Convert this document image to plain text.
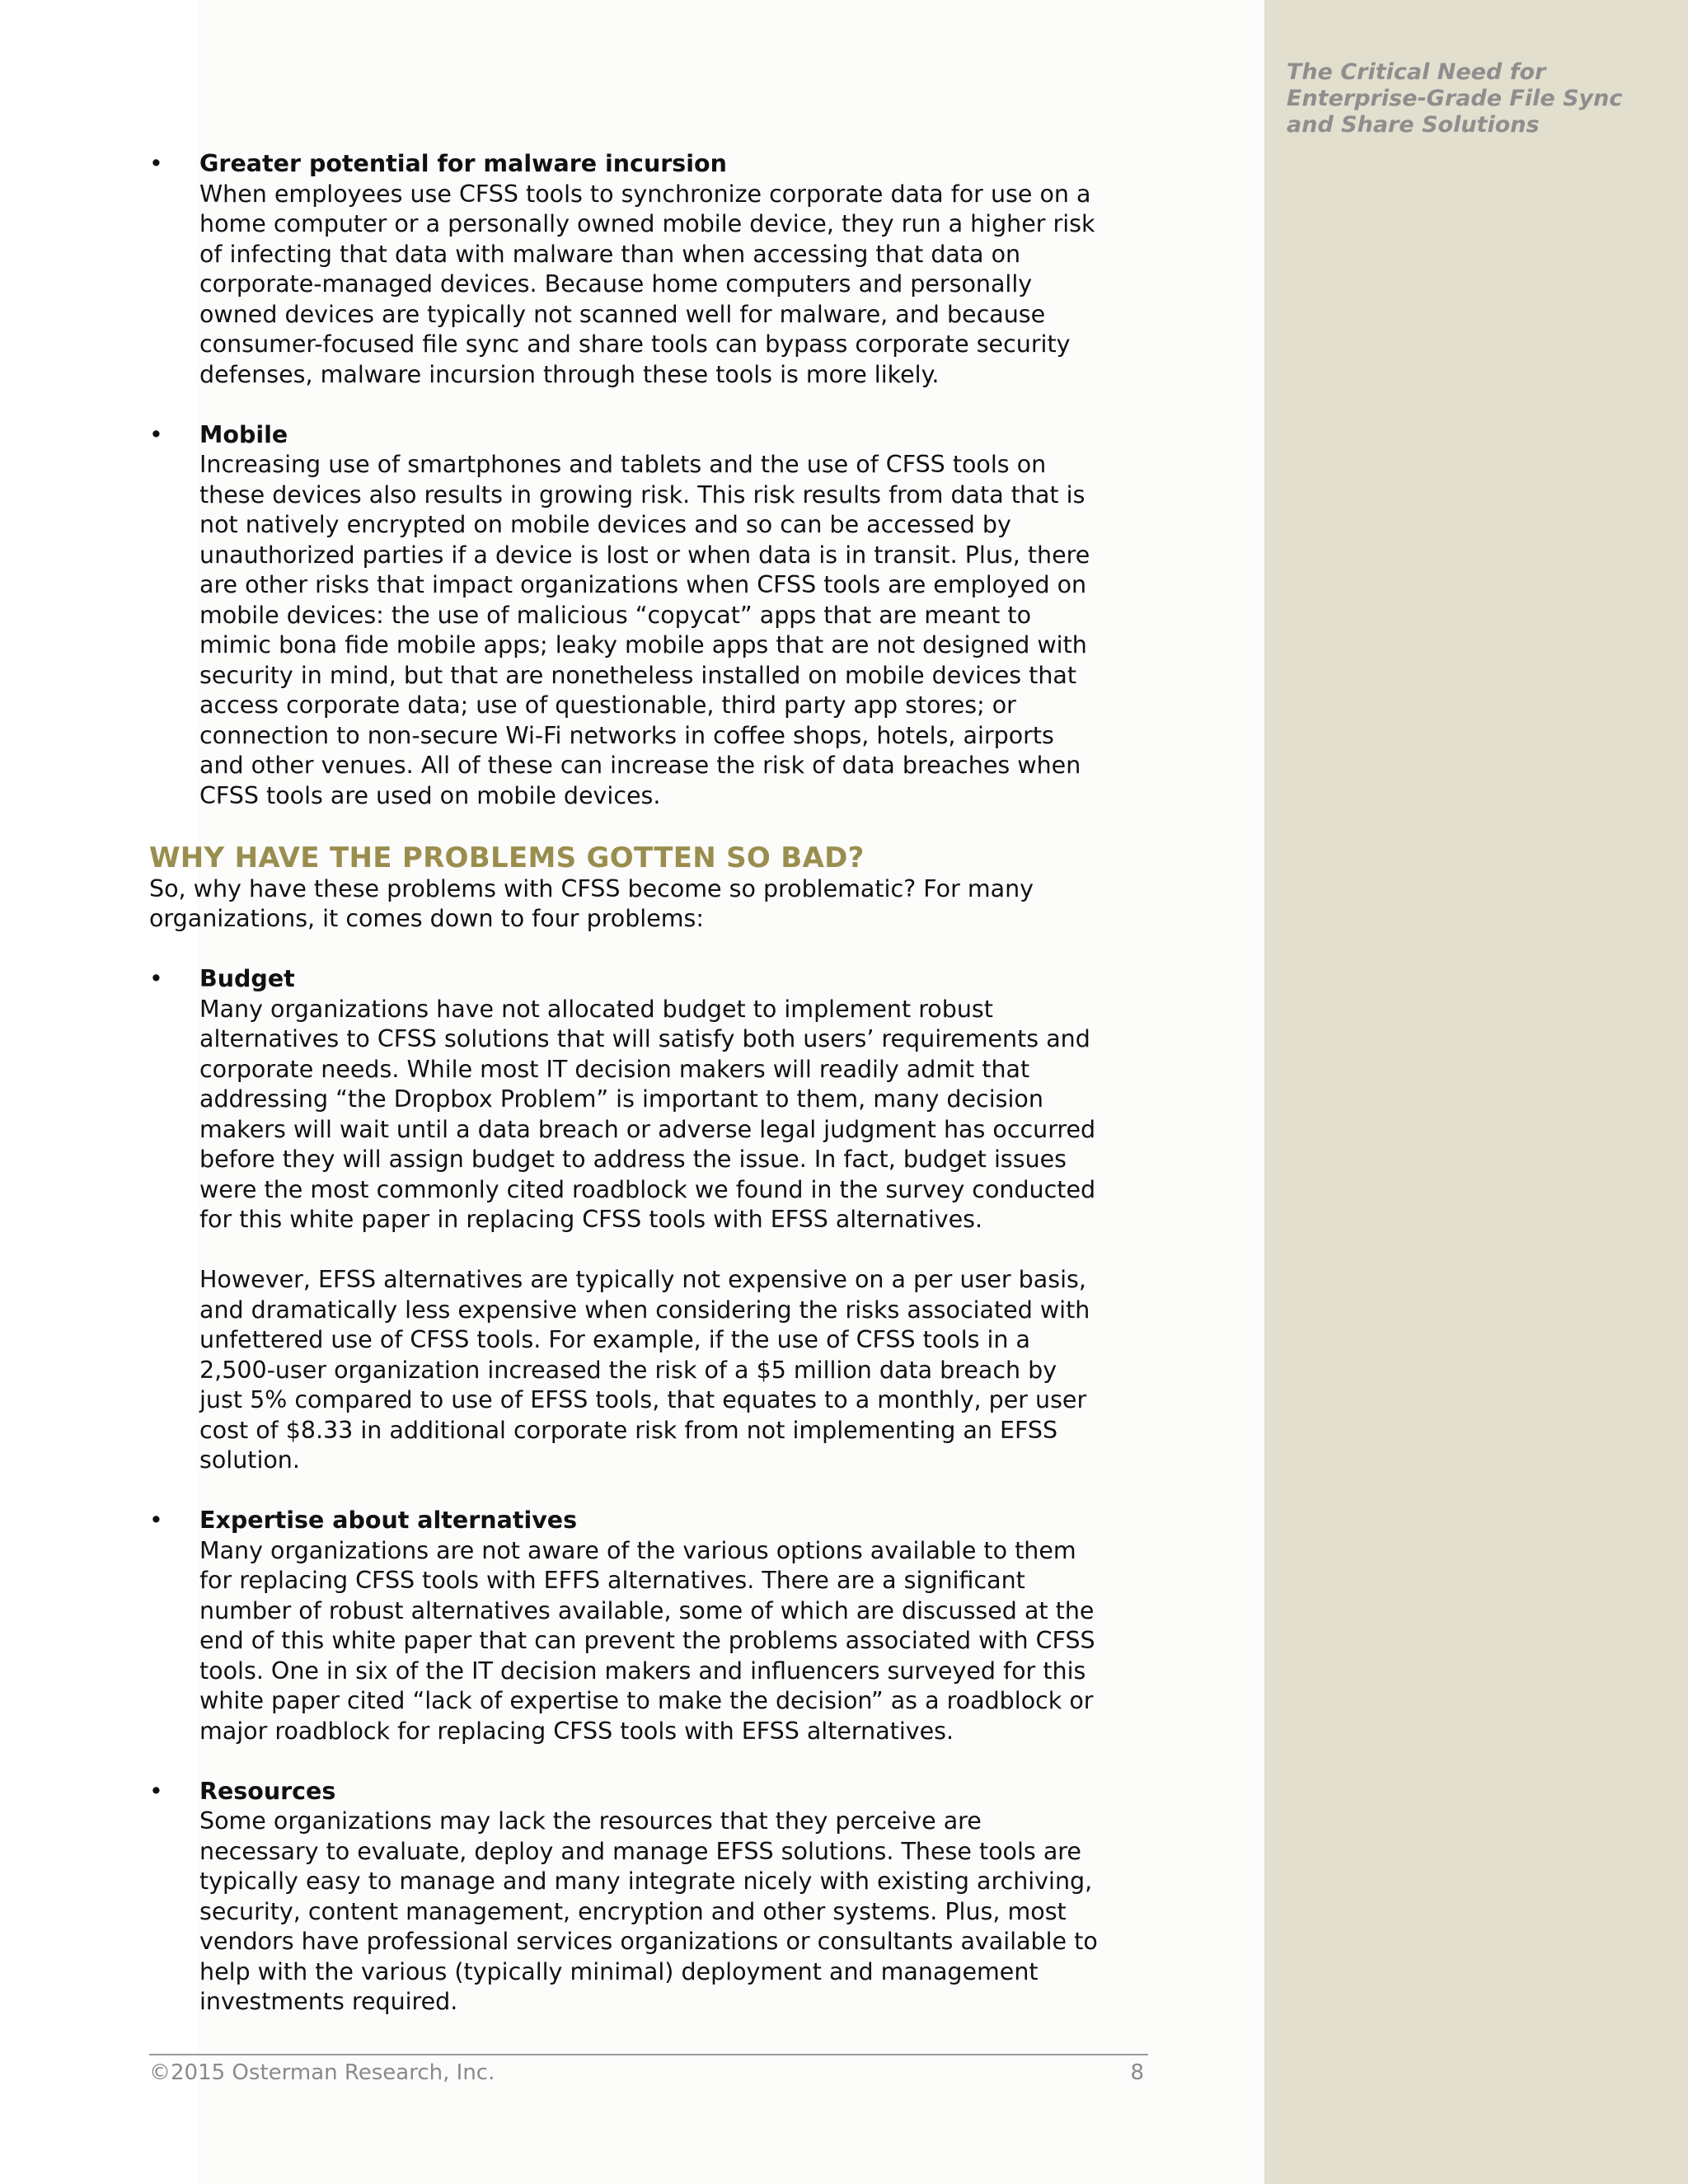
The Critical Need for Enterprise-Grade File Sync and Share Solutions
• Greater potential for malware incursion

When employees use CFSS tools to synchronize corporate data for use on a home computer or a personally owned mobile device, they run a higher risk of infecting that data with malware than when accessing that data on corporate-managed devices. Because home computers and personally owned devices are typically not scanned well for malware, and because consumer-focused file sync and share tools can bypass corporate security defenses, malware incursion through these tools is more likely.

• Mobile

Increasing use of smartphones and tablets and the use of CFSS tools on these devices also results in growing risk. This risk results from data that is not natively encrypted on mobile devices and so can be accessed by unauthorized parties if a device is lost or when data is in transit. Plus, there are other risks that impact organizations when CFSS tools are employed on mobile devices: the use of malicious “copycat” apps that are meant to mimic bona fide mobile apps; leaky mobile apps that are not designed with security in mind, but that are nonetheless installed on mobile devices that access corporate data; use of questionable, third party app stores; or connection to non-secure Wi-Fi networks in coffee shops, hotels, airports and other venues. All of these can increase the risk of data breaches when CFSS tools are used on mobile devices.

WHY HAVE THE PROBLEMS GOTTEN SO BAD?

So, why have these problems with CFSS become so problematic? For many organizations, it comes down to four problems:

• Budget

Many organizations have not allocated budget to implement robust alternatives to CFSS solutions that will satisfy both users’ requirements and corporate needs. While most IT decision makers will readily admit that addressing “the Dropbox Problem” is important to them, many decision makers will wait until a data breach or adverse legal judgment has occurred before they will assign budget to address the issue. In fact, budget issues were the most commonly cited roadblock we found in the survey conducted for this white paper in replacing CFSS tools with EFSS alternatives.

However, EFSS alternatives are typically not expensive on a per user basis, and dramatically less expensive when considering the risks associated with unfettered use of CFSS tools. For example, if the use of CFSS tools in a 2,500-user organization increased the risk of a $5 million data breach by just 5% compared to use of EFSS tools, that equates to a monthly, per user cost of $8.33 in additional corporate risk from not implementing an EFSS solution.

• Expertise about alternatives

Many organizations are not aware of the various options available to them for replacing CFSS tools with EFFS alternatives. There are a significant number of robust alternatives available, some of which are discussed at the end of this white paper that can prevent the problems associated with CFSS tools. One in six of the IT decision makers and influencers surveyed for this white paper cited “lack of expertise to make the decision” as a roadblock or major roadblock for replacing CFSS tools with EFSS alternatives.

• Resources

Some organizations may lack the resources that they perceive are necessary to evaluate, deploy and manage EFSS solutions. These tools are typically easy to manage and many integrate nicely with existing archiving, security, content management, encryption and other systems. Plus, most vendors have professional services organizations or consultants available to help with the various (typically minimal) deployment and management investments required.

©2015 Osterman Research, Inc.	8
